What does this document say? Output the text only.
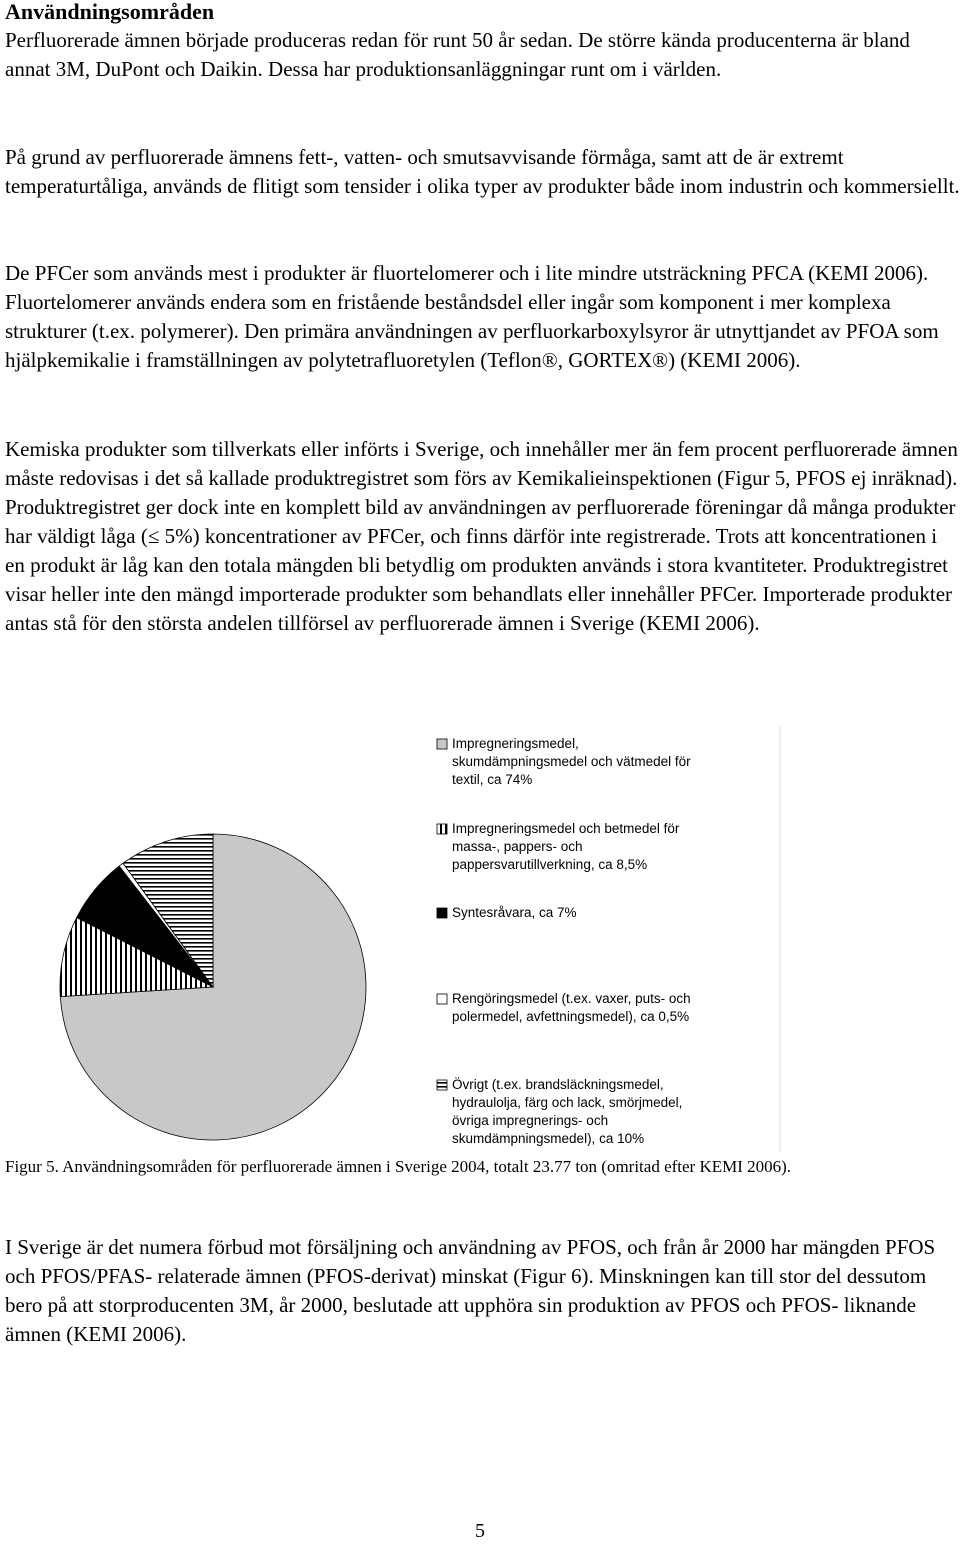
Användningsområden

Perfluorerade ämnen började produceras redan för runt 50 år sedan. De större kända producenterna är bland annat 3M, DuPont och Daikin. Dessa har produktionsanläggningar runt om i världen.

På grund av perfluorerade ämnens fett-, vatten- och smutsavvisande förmåga, samt att de är extremt temperaturtåliga, används de flitigt som tensider i olika typer av produkter både inom industrin och kommersiellt.

De PFCer som används mest i produkter är fluortelomerer och i lite mindre utsträckning PFCA (KEMI 2006). Fluortelomerer används endera som en fristående beståndsdel eller ingår som komponent i mer komplexa strukturer (t.ex. polymerer). Den primära användningen av perfluorkarboxylsyror är utnyttjandet av PFOA som hjälpkemikalie i framställningen av polytetrafluoretylen (Teflon®, GORTEX®) (KEMI 2006).

Kemiska produkter som tillverkats eller införts i Sverige, och innehåller mer än fem procent perfluorerade ämnen måste redovisas i det så kallade produktregistret som förs av Kemikalieinspektionen (Figur 5, PFOS ej inräknad). Produktregistret ger dock inte en komplett bild av användningen av perfluorerade föreningar då många produkter har väldigt låga (≤ 5%) koncentrationer av PFCer, och finns därför inte registrerade. Trots att koncentrationen i en produkt är låg kan den totala mängden bli betydlig om produkten används i stora kvantiteter. Produktregistret visar heller inte den mängd importerade produkter som behandlats eller innehåller PFCer. Importerade produkter antas stå för den största andelen tillförsel av perfluorerade ämnen i Sverige (KEMI 2006).

Impregneringsmedel,
skumdämpningsmedel och vätmedel för
textil, ca 74%
Impregneringsmedel och betmedel för
massa-, pappers- och
pappersvarutillverkning, ca 8,5%
Syntesråvara, ca 7%
Rengöringsmedel (t.ex. vaxer, puts- och
polermedel, avfettningsmedel), ca 0,5%
Övrigt (t.ex. brandsläckningsmedel,
hydraulolja, färg och lack, smörjmedel,
övriga impregnerings- och
skumdämpningsmedel), ca 10%

Figur 5. Användningsområden för perfluorerade ämnen i Sverige 2004, totalt 23.77 ton (omritad efter KEMI 2006).

I Sverige är det numera förbud mot försäljning och användning av PFOS, och från år 2000 har mängden PFOS och PFOS/PFAS- relaterade ämnen (PFOS-derivat) minskat (Figur 6). Minskningen kan till stor del dessutom bero på att storproducenten 3M, år 2000, beslutade att upphöra sin produktion av PFOS och PFOS- liknande ämnen (KEMI 2006).

5
